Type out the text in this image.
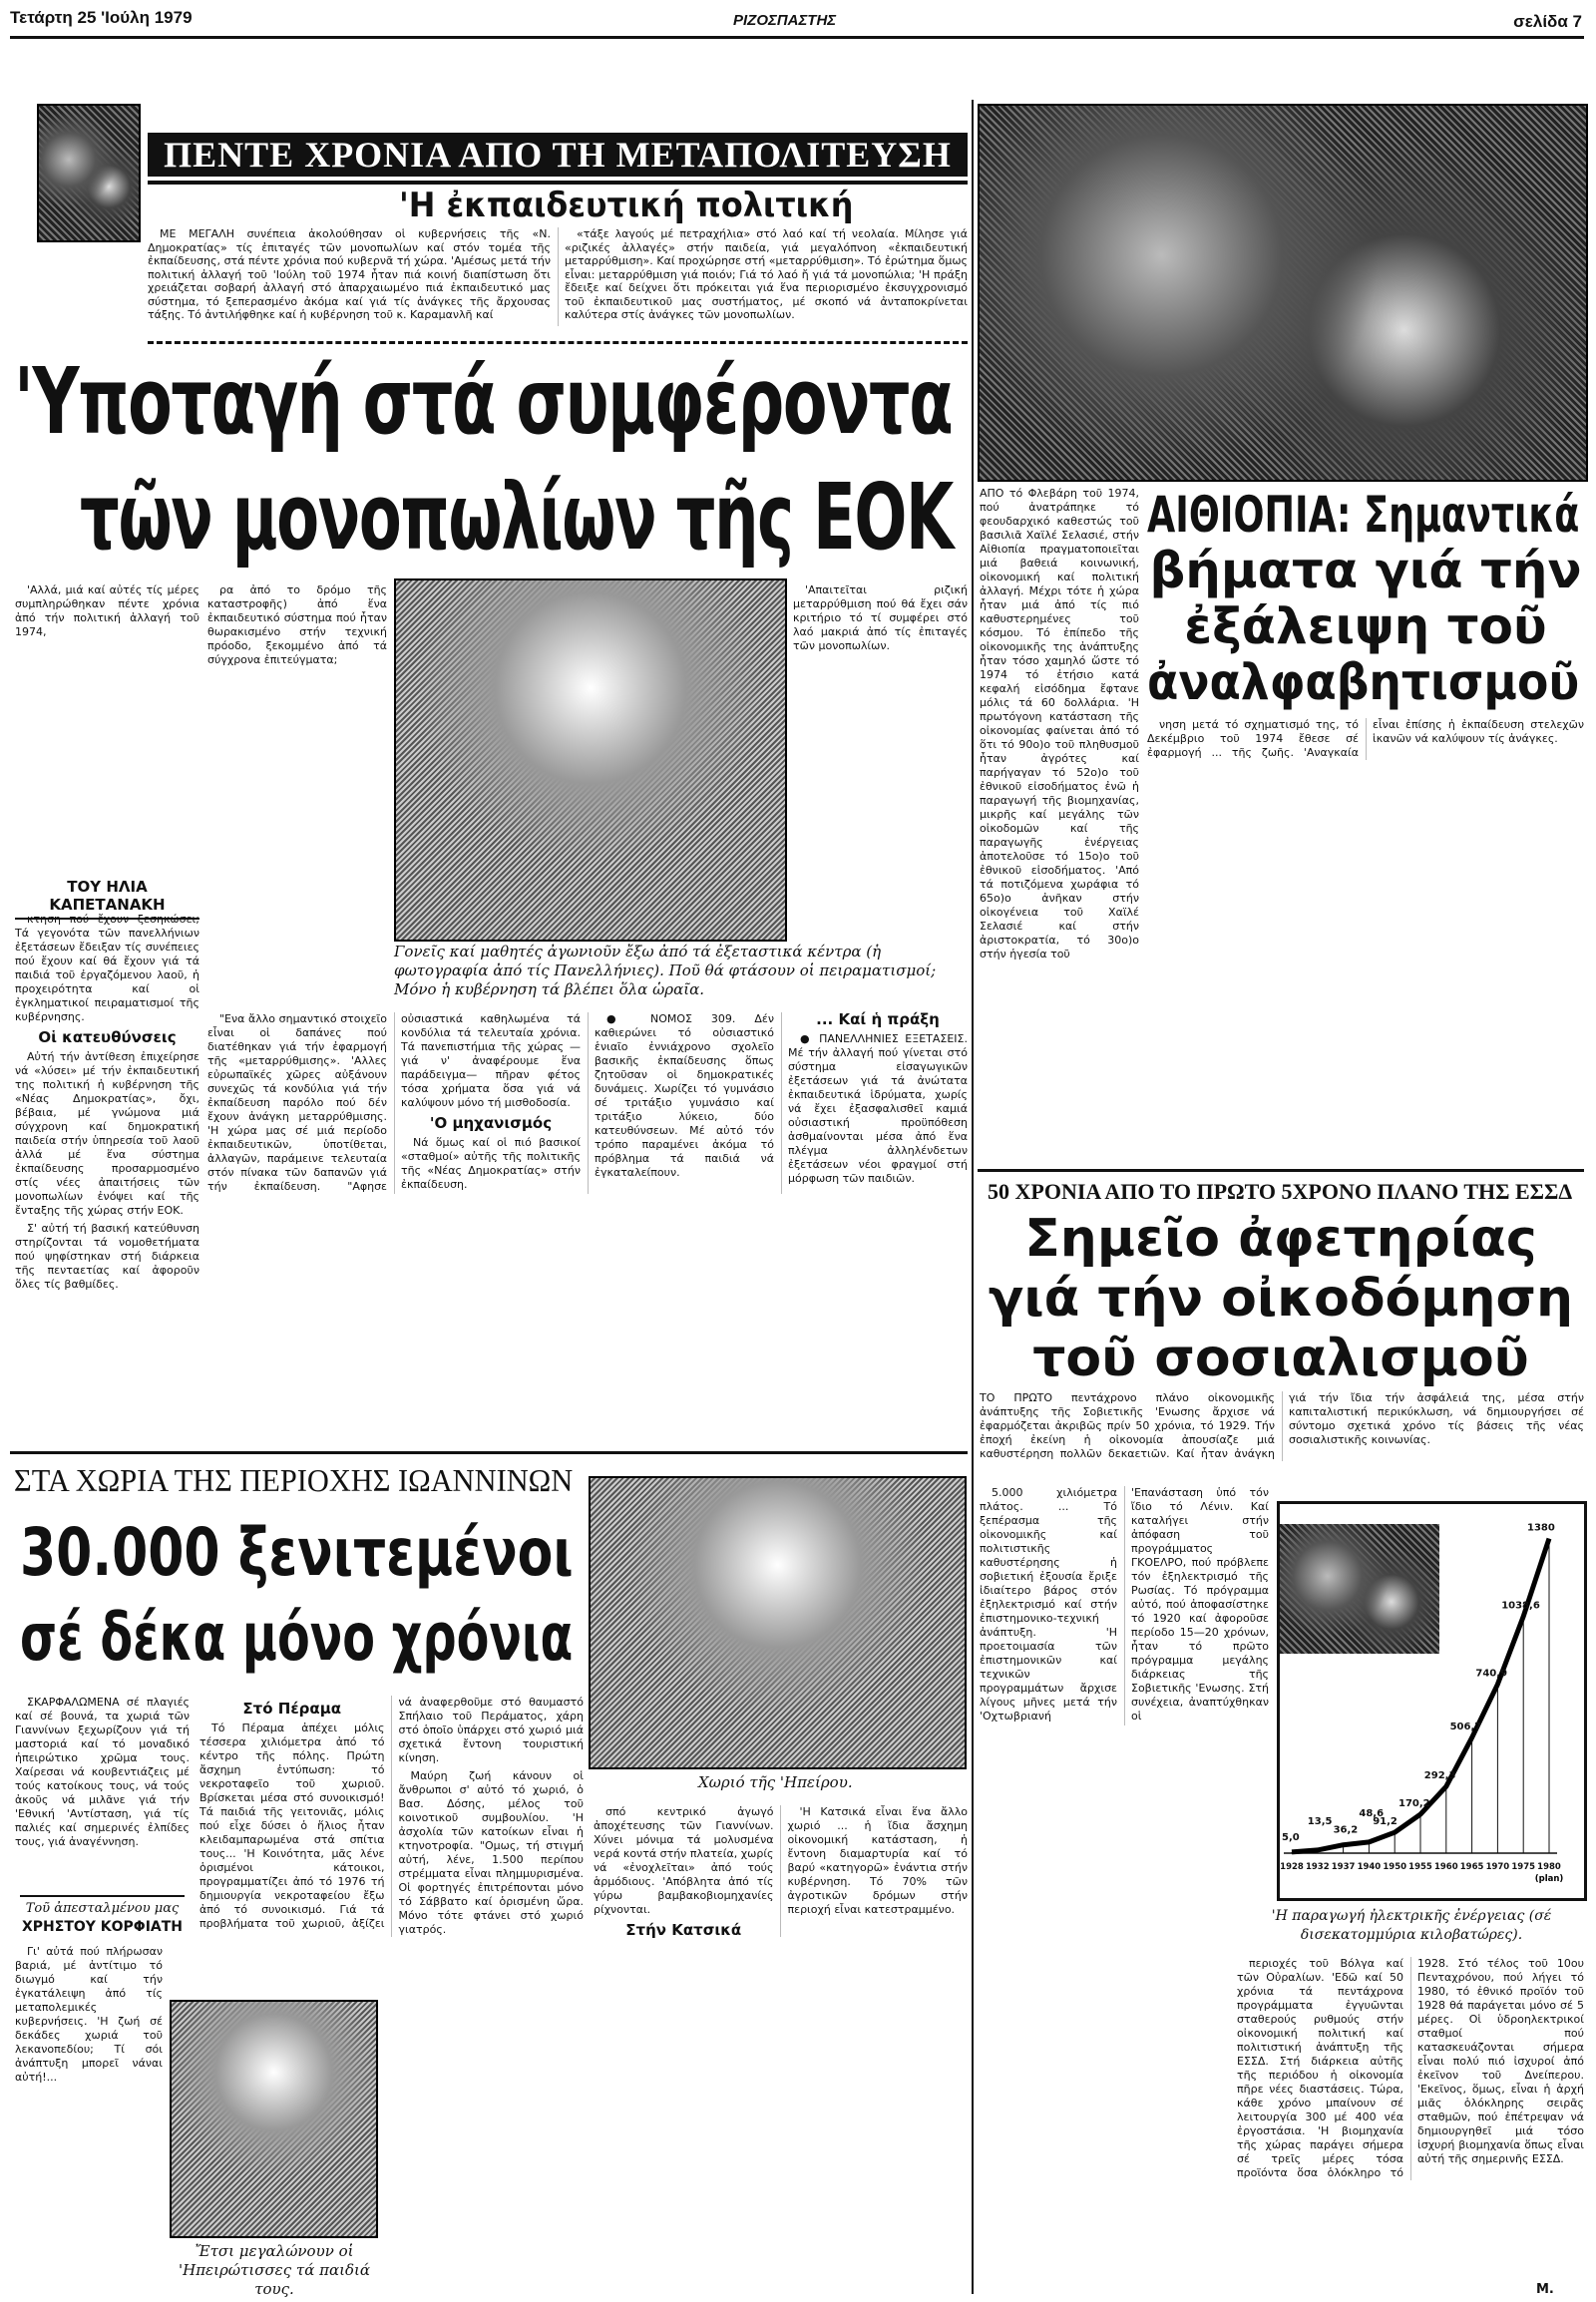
Τετάρτη 25 'Ιούλη 1979	ΡΙΖΟΣΠΑΣΤΗΣ	σελίδα 7
ΠΕΝΤΕ ΧΡΟΝΙΑ ΑΠΟ ΤΗ ΜΕΤΑΠΟΛΙΤΕΥΣΗ
'Η ἐκπαιδευτική πολιτική

ΜΕ ΜΕΓΑΛΗ συνέπεια ἀκολούθησαν οἱ κυβερνήσεις τῆς «Ν. Δημοκρατίας» τίς ἐπιταγές τῶν μονοπωλίων καί στόν τομέα τῆς ἐκπαίδευσης, στά πέντε χρόνια πού κυβερνᾶ τή χώρα. 'Αμέσως μετά τήν πολιτική ἀλλαγή τοῦ 'Ιούλη τοῦ 1974 ἦταν πιά κοινή διαπίστωση ὅτι χρειάζεται σοβαρή ἀλλαγή στό ἀπαρχαιωμένο πιά ἐκπαιδευτικό μας σύστημα, τό ξεπερασμένο ἀκόμα καί γιά τίς ἀνάγκες τῆς ἄρχουσας τάξης. Τό ἀντιλήφθηκε καί ἡ κυβέρνηση τοῦ κ. Καραμανλῆ καί

«τάξε λαγούς μέ πετραχήλια» στό λαό καί τή νεολαία. Μίλησε γιά «ριζικές ἀλλαγές» στήν παιδεία, γιά μεγαλόπνοη «ἐκπαιδευτική μεταρρύθμιση». Καί προχώρησε στή «μεταρρύθμιση». Τό ἐρώτημα ὅμως εἶναι: μεταρρύθμιση γιά ποιόν; Γιά τό λαό ἤ γιά τά μονοπώλια; 'Η πράξη ἔδειξε καί δείχνει ὅτι πρόκειται γιά ἕνα περιορισμένο ἐκσυγχρονισμό τοῦ ἐκπαιδευτικοῦ μας συστήματος, μέ σκοπό νά ἀνταποκρίνεται καλύτερα στίς ἀνάγκες τῶν μονοπωλίων.

'Υποταγή στά συμφέροντα
τῶν μονοπωλίων τῆς ΕΟΚ

'Αλλά, μιά καί αὐτές τίς μέρες συμπληρώθηκαν πέντε χρόνια ἀπό τήν πολιτική ἀλλαγή τοῦ 1974,

ρα ἀπό το δρόμο τῆς καταστροφῆς) ἀπό ἕνα ἐκπαιδευτικό σύστημα πού ἦταν θωρακισμένο στήν τεχνική πρόοδο, ξεκομμένο ἀπό τά σύγχρονα ἐπιτεύγματα;

'Απαιτεῖται ριζική μεταρρύθμιση πού θά ἔχει σάν κριτήριο τό τί συμφέρει στό λαό μακριά ἀπό τίς ἐπιταγές τῶν μονοπωλίων.

ΤΟΥ ΗΛΙΑ ΚΑΠΕΤΑΝΑΚΗ
Γονεῖς καί μαθητές ἀγωνιοῦν ἔξω ἀπό τά ἐξεταστικά κέντρα (ἡ φωτογραφία ἀπό τίς Πανελλήνιες). Ποῦ θά φτάσουν οἱ πειραματισμοί; Μόνο ἡ κυβέρνηση τά βλέπει ὅλα ὡραῖα.

κτηση πού ἔχουν ξεσηκώσει; Τά γεγονότα τῶν πανελλήνιων ἐξετάσεων ἔδειξαν τίς συνέπειες πού ἔχουν καί θά ἔχουν γιά τά παιδιά τοῦ ἐργαζόμενου λαοῦ, ἡ προχειρότητα καί οἱ ἐγκληματικοί πειραματισμοί τῆς κυβέρνησης.

Οἱ κατευθύνσεις

Αὐτή τήν ἀντίθεση ἐπιχείρησε νά «λύσει» μέ τήν ἐκπαιδευτική της πολιτική ἡ κυβέρνηση τῆς «Νέας Δημοκρατίας», ὄχι, βέβαια, μέ γνώμονα μιά σύγχρονη καί δημοκρατική παιδεία στήν ὑπηρεσία τοῦ λαοῦ ἀλλά μέ ἕνα σύστημα ἐκπαίδευσης προσαρμοσμένο στίς νέες ἀπαιτήσεις τῶν μονοπωλίων ἐνόψει καί τῆς ἔνταξης τῆς χώρας στήν ΕΟΚ.

Σ' αὐτή τή βασική κατεύθυνση στηρίζονται τά νομοθετήματα πού ψηφίστηκαν στή διάρκεια τῆς πενταετίας καί ἀφοροῦν ὅλες τίς βαθμίδες.

"Ενα ἄλλο σημαντικό στοιχεῖο εἶναι οἱ δαπάνες πού διατέθηκαν γιά τήν ἐφαρμογή τῆς «μεταρρύθμισης». 'Αλλες εὐρωπαϊκές χῶρες αὐξάνουν συνεχῶς τά κονδύλια γιά τήν ἐκπαίδευση παρόλο πού δέν ἔχουν ἀνάγκη μεταρρύθμισης. 'Η χώρα μας σέ μιά περίοδο ἐκπαιδευτικῶν, ὑποτίθεται, ἀλλαγῶν, παράμεινε τελευταία στόν πίνακα τῶν δαπανῶν γιά τήν ἐκπαίδευση. "Αφησε οὐσιαστικά καθηλωμένα τά κονδύλια τά τελευταία χρόνια. Τά πανεπιστήμια τῆς χώρας —γιά ν' ἀναφέρουμε ἕνα παράδειγμα— πῆραν φέτος τόσα χρήματα ὅσα γιά νά καλύψουν μόνο τή μισθοδοσία.

'Ο μηχανισμός

Νά ὅμως καί οἱ πιό βασικοί «σταθμοί» αὐτῆς τῆς πολιτικῆς τῆς «Νέας Δημοκρατίας» στήν ἐκπαίδευση.

● ΝΟΜΟΣ 309. Δέν καθιερώνει τό οὐσιαστικό ἑνιαῖο ἐννιάχρονο σχολεῖο βασικῆς ἐκπαίδευσης ὅπως ζητοῦσαν οἱ δημοκρατικές δυνάμεις. Χωρίζει τό γυμνάσιο σέ τριτάξιο γυμνάσιο καί τριτάξιο λύκειο, δύο κατευθύνσεων. Μέ αὐτό τόν τρόπο παραμένει ἀκόμα τό πρόβλημα τά παιδιά νά ἐγκαταλείπουν.

... Καί ἡ πράξη

● ΠΑΝΕΛΛΗΝΙΕΣ ΕΞΕΤΑΣΕΙΣ. Μέ τήν ἀλλαγή πού γίνεται στό σύστημα εἰσαγωγικῶν ἐξετάσεων γιά τά ἀνώτατα ἐκπαιδευτικά ἱδρύματα, χωρίς νά ἔχει ἐξασφαλισθεῖ καμιά οὐσιαστική προϋπόθεση ἀσθμαίνονται μέσα ἀπό ἕνα πλέγμα ἀλληλένδετων ἐξετάσεων νέοι φραγμοί στή μόρφωση τῶν παιδιῶν.

ΑΠΟ τό Φλεβάρη τοῦ 1974, πού ἀνατράπηκε τό φεουδαρχικό καθεστώς τοῦ βασιλιᾶ Χαϊλέ Σελασιέ, στήν Αἰθιοπία πραγματοποιεῖται μιά βαθειά κοινωνική, οἰκονομική καί πολιτική ἀλλαγή. Μέχρι τότε ἡ χώρα ἦταν μιά ἀπό τίς πιό καθυστερημένες τοῦ κόσμου. Τό ἐπίπεδο τῆς οἰκονομικῆς της ἀνάπτυξης ἦταν τόσο χαμηλό ὥστε τό 1974 τό ἐτήσιο κατά κεφαλή εἰσόδημα ἔφτανε μόλις τά 60 δολλάρια. 'Η πρωτόγονη κατάσταση τῆς οἰκονομίας φαίνεται ἀπό τό ὅτι τό 90ο)ο τοῦ πληθυσμοῦ ἦταν ἀγρότες καί παρήγαγαν τό 52ο)ο τοῦ ἐθνικοῦ εἰσοδήματος ἐνῶ ἡ παραγωγή τῆς βιομηχανίας, μικρῆς καί μεγάλης τῶν οἰκοδομῶν καί τῆς παραγωγῆς ἐνέργειας ἀποτελοῦσε τό 15ο)ο τοῦ ἐθνικοῦ εἰσοδήματος. 'Από τά ποτιζόμενα χωράφια τό 65ο)ο ἀνῆκαν στήν οἰκογένεια τοῦ Χαϊλέ Σελασιέ καί στήν ἀριστοκρατία, τό 30ο)ο στήν ἡγεσία τοῦ

ΑΙΘΙΟΠΙΑ: Σημαντικά
βήματα γιά τήν
ἐξάλειψη τοῦ
ἀναλφαβητισμοῦ

νηση μετά τό σχηματισμό της, τό Δεκέμβριο τοῦ 1974 ἔθεσε σέ ἐφαρμογή ... τῆς ζωῆς. 'Αναγκαία εἶναι ἐπίσης ἡ ἐκπαίδευση στελεχῶν ἱκανῶν νά καλύψουν τίς ἀνάγκες.

50 ΧΡΟΝΙΑ ΑΠΟ ΤΟ ΠΡΩΤΟ 5ΧΡΟΝΟ ΠΛΑΝΟ ΤΗΣ ΕΣΣΔ
Σημεῖο ἀφετηρίας
γιά τήν οἰκοδόμηση
τοῦ σοσιαλισμοῦ

ΤΟ ΠΡΩΤΟ πεντάχρονο πλάνο οἰκονομικῆς ἀνάπτυξης τῆς Σοβιετικῆς 'Ενωσης ἄρχισε νά ἐφαρμόζεται ἀκριβῶς πρίν 50 χρόνια, τό 1929. Τήν ἐποχή ἐκείνη ἡ οἰκονομία ἀπουσίαζε μιά καθυστέρηση πολλῶν δεκαετιῶν. Καί ἦταν ἀνάγκη γιά τήν ἴδια τήν ἀσφάλειά της, μέσα στήν καπιταλιστική περικύκλωση, νά δημιουργήσει σέ σύντομο σχετικά χρόνο τίς βάσεις τῆς νέας σοσιαλιστικῆς κοινωνίας.

5.000 χιλιόμετρα πλάτος. ... Τό ξεπέρασμα τῆς οἰκονομικῆς καί πολιτιστικῆς καθυστέρησης ἡ σοβιετική ἐξουσία ἔριξε ἰδιαίτερο βάρος στόν ἐξηλεκτρισμό καί στήν ἐπιστημονικο-τεχνική ἀνάπτυξη. 'Η προετοιμασία τῶν ἐπιστημονικῶν καί τεχνικῶν προγραμμάτων ἄρχισε λίγους μῆνες μετά τήν 'Οχτωβριανή 'Επανάσταση ὑπό τόν ἴδιο τό Λένιν. Καί καταλήγει στήν ἀπόφαση τοῦ προγράμματος ΓΚΟΕΛΡΟ, πού πρόβλεπε τόν ἐξηλεκτρισμό τῆς Ρωσίας. Τό πρόγραμμα αὐτό, πού ἀποφασίστηκε τό 1920 καί ἀφοροῦσε περίοδο 15—20 χρόνων, ἦταν τό πρῶτο πρόγραμμα μεγάλης διάρκειας τῆς Σοβιετικῆς 'Ενωσης. Στή συνέχεια, ἀναπτύχθηκαν οἱ

5,0
1928
13,5
1932
36,2
1937
48,6
1940
91,2
1950
170,2
1955
292,3
1960
506,7
1965
740,9
1970
1038,6
1975
1380
1980
(plan)
'Η παραγωγή ἠλεκτρικῆς ἐνέργειας (σέ δισεκατομμύρια κιλοβατώρες).

περιοχές τοῦ Βόλγα καί τῶν Οὐραλίων. 'Εδῶ καί 50 χρόνια τά πεντάχρονα προγράμματα ἐγγυῶνται σταθερούς ρυθμούς στήν οἰκονομική πολιτική καί πολιτιστική ἀνάπτυξη τῆς ΕΣΣΔ. Στή διάρκεια αὐτῆς τῆς περιόδου ἡ οἰκονομία πῆρε νέες διαστάσεις. Τώρα, κάθε χρόνο μπαίνουν σέ λειτουργία 300 μέ 400 νέα ἐργοστάσια. 'Η βιομηχανία τῆς χώρας παράγει σήμερα σέ τρεῖς μέρες τόσα προϊόντα ὅσα ὁλόκληρο τό 1928. Στό τέλος τοῦ 10ου Πενταχρόνου, πού λήγει τό 1980, τό ἐθνικό προϊόν τοῦ 1928 θά παράγεται μόνο σέ 5 μέρες. Οἱ ὑδροηλεκτρικοί σταθμοί πού κατασκευάζονται σήμερα εἶναι πολύ πιό ἰσχυροί ἀπό ἐκεῖνον τοῦ Δνείπερου. 'Εκεῖνος, ὅμως, εἶναι ἡ ἀρχή μιᾶς ὁλόκληρης σειρᾶς σταθμῶν, πού ἐπέτρεψαν νά δημιουργηθεῖ μιά τόσο ἰσχυρή βιομηχανία ὅπως εἶναι αὐτή τῆς σημερινῆς ΕΣΣΔ.

Μ.
ΣΤΑ ΧΩΡΙΑ ΤΗΣ ΠΕΡΙΟΧΗΣ ΙΩΑΝΝΙΝΩΝ
30.000 ξενιτεμένοι
σέ δέκα μόνο χρόνια
Χωριό τῆς 'Ηπείρου.

ΣΚΑΡΦΑΛΩΜΕΝΑ σέ πλαγιές καί σέ βουνά, τα χωριά τῶν Γιαννίνων ξεχωρίζουν γιά τή μαστοριά καί τό μοναδικό ἠπειρώτικο χρῶμα τους. Χαίρεσαι νά κουβεντιάζεις μέ τούς κατοίκους τους, νά τούς ἀκοῦς νά μιλᾶνε γιά τήν 'Εθνική 'Αντίσταση, γιά τίς παλιές καί σημερινές ἐλπίδες τους, γιά ἀναγέννηση.

Τοῦ ἀπεσταλμένου μας
ΧΡΗΣΤΟΥ ΚΟΡΦΙΑΤΗ

Γι' αὐτά πού πλήρωσαν βαριά, μέ ἀντίτιμο τό διωγμό καί τήν ἐγκατάλειψη ἀπό τίς μεταπολεμικές κυβερνήσεις. 'Η ζωή σέ δεκάδες χωριά τοῦ λεκανοπεδίου; Τί σόι ἀνάπτυξη μπορεῖ νάναι αὐτή!...

Ἔτσι μεγαλώνουν οἱ 'Ηπειρώτισσες τά παιδιά τους.
Στό Πέραμα

Τό Πέραμα ἀπέχει μόλις τέσσερα χιλιόμετρα ἀπό τό κέντρο τῆς πόλης. Πρώτη ἄσχημη ἐντύπωση: τό νεκροταφεῖο τοῦ χωριοῦ. Βρίσκεται μέσα στό συνοικισμό! Τά παιδιά τῆς γειτονιᾶς, μόλις πού εἶχε δύσει ὁ ἥλιος ἦταν κλειδαμπαρωμένα στά σπίτια τους... 'Η Κοινότητα, μᾶς λένε ὁρισμένοι κάτοικοι, προγραμματίζει ἀπό τό 1976 τή δημιουργία νεκροταφείου ἔξω ἀπό τό συνοικισμό. Γιά τά προβλήματα τοῦ χωριοῦ, ἀξίζει νά ἀναφερθοῦμε στό θαυμαστό Σπήλαιο τοῦ Περάματος, χάρη στό ὁποῖο ὑπάρχει στό χωριό μιά σχετικά ἔντονη τουριστική κίνηση.

Μαύρη ζωή κάνουν οἱ ἄνθρωποι σ' αὐτό τό χωριό, ὁ Βασ. Δόσης, μέλος τοῦ κοινοτικοῦ συμβουλίου. 'Η ἀσχολία τῶν κατοίκων εἶναι ἡ κτηνοτροφία. "Ομως, τή στιγμή αὐτή, λένε, 1.500 περίπου στρέμματα εἶναι πλημμυρισμένα. Οἱ φορτηγές ἐπιτρέπονται μόνο τό Σάββατο καί ὁρισμένη ὥρα. Μόνο τότε φτάνει στό χωριό γιατρός.

σπό κεντρικό ἀγωγό ἀποχέτευσης τῶν Γιαννίνων. Χύνει μόνιμα τά μολυσμένα νερά κοντά στήν πλατεία, χωρίς νά «ἐνοχλεῖται» ἀπό τούς ἁρμόδιους. 'Απόβλητα ἀπό τίς γύρω βαμβακοβιομηχανίες ρίχνονται.

Στήν Κατσικά

'Η Κατσικά εἶναι ἕνα ἄλλο χωριό ... ἡ ἴδια ἄσχημη οἰκονομική κατάσταση, ἡ ἔντονη διαμαρτυρία καί τό βαρύ «κατηγορῶ» ἐνάντια στήν κυβέρνηση. Τό 70% τῶν ἀγροτικῶν δρόμων στήν περιοχή εἶναι κατεστραμμένο.
